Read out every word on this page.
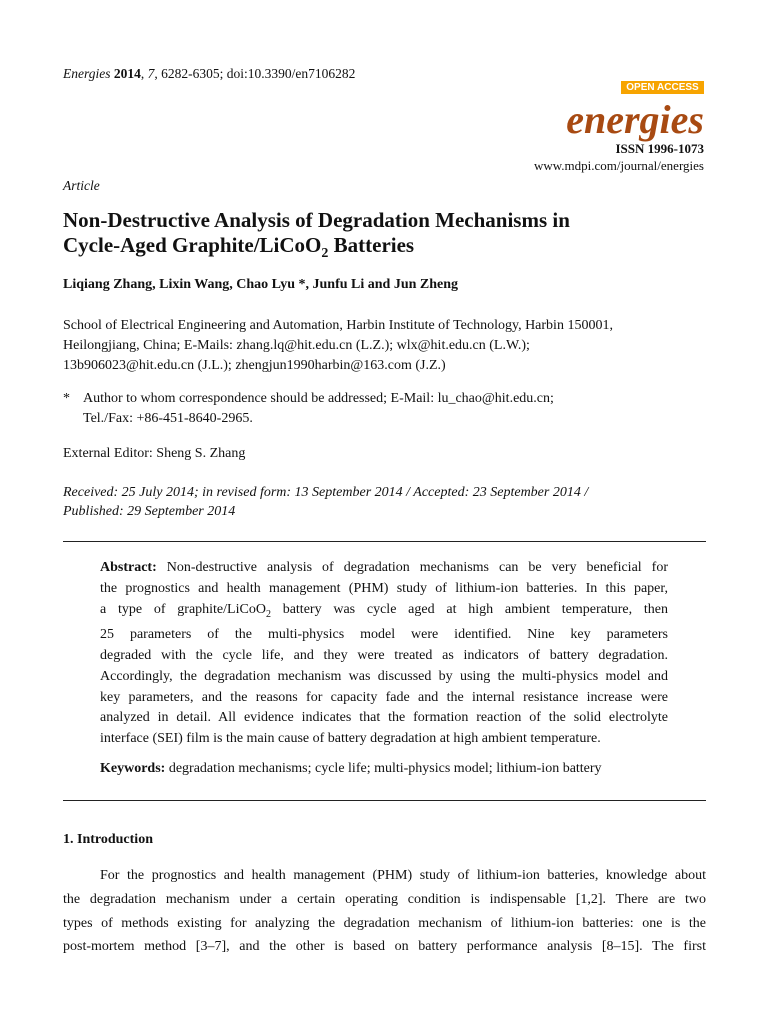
Energies 2014, 7, 6282-6305; doi:10.3390/en7106282
OPEN ACCESS
energies
ISSN 1996-1073
www.mdpi.com/journal/energies
Article
Non-Destructive Analysis of Degradation Mechanisms in
Cycle-Aged Graphite/LiCoO$_2$ Batteries
Liqiang Zhang, Lixin Wang, Chao Lyu *, Junfu Li and Jun Zheng
School of Electrical Engineering and Automation, Harbin Institute of Technology, Harbin 150001,
Heilongjiang, China; E-Mails: zhang.lq@hit.edu.cn (L.Z.); wlx@hit.edu.cn (L.W.);
13b906023@hit.edu.cn (J.L.); zhengjun1990harbin@163.com (J.Z.)
* Author to whom correspondence should be addressed; E-Mail: lu_chao@hit.edu.cn;
Tel./Fax: +86-451-8640-2965.
External Editor: Sheng S. Zhang
Received: 25 July 2014; in revised form: 13 September 2014 / Accepted: 23 September 2014 /
Published: 29 September 2014
Abstract: Non-destructive analysis of degradation mechanisms can be very beneficial for
the prognostics and health management (PHM) study of lithium-ion batteries. In this paper,
a type of graphite/LiCoO$_2$ battery was cycle aged at high ambient temperature, then
25 parameters of the multi-physics model were identified. Nine key parameters
degraded with the cycle life, and they were treated as indicators of battery degradation.
Accordingly, the degradation mechanism was discussed by using the multi-physics model and
key parameters, and the reasons for capacity fade and the internal resistance increase were
analyzed in detail. All evidence indicates that the formation reaction of the solid electrolyte
interface (SEI) film is the main cause of battery degradation at high ambient temperature.
Keywords: degradation mechanisms; cycle life; multi-physics model; lithium-ion battery
1. Introduction
For the prognostics and health management (PHM) study of lithium-ion batteries, knowledge about
the degradation mechanism under a certain operating condition is indispensable [1,2]. There are two
types of methods existing for analyzing the degradation mechanism of lithium-ion batteries: one is the
post-mortem method [3–7], and the other is based on battery performance analysis [8–15]. The first
